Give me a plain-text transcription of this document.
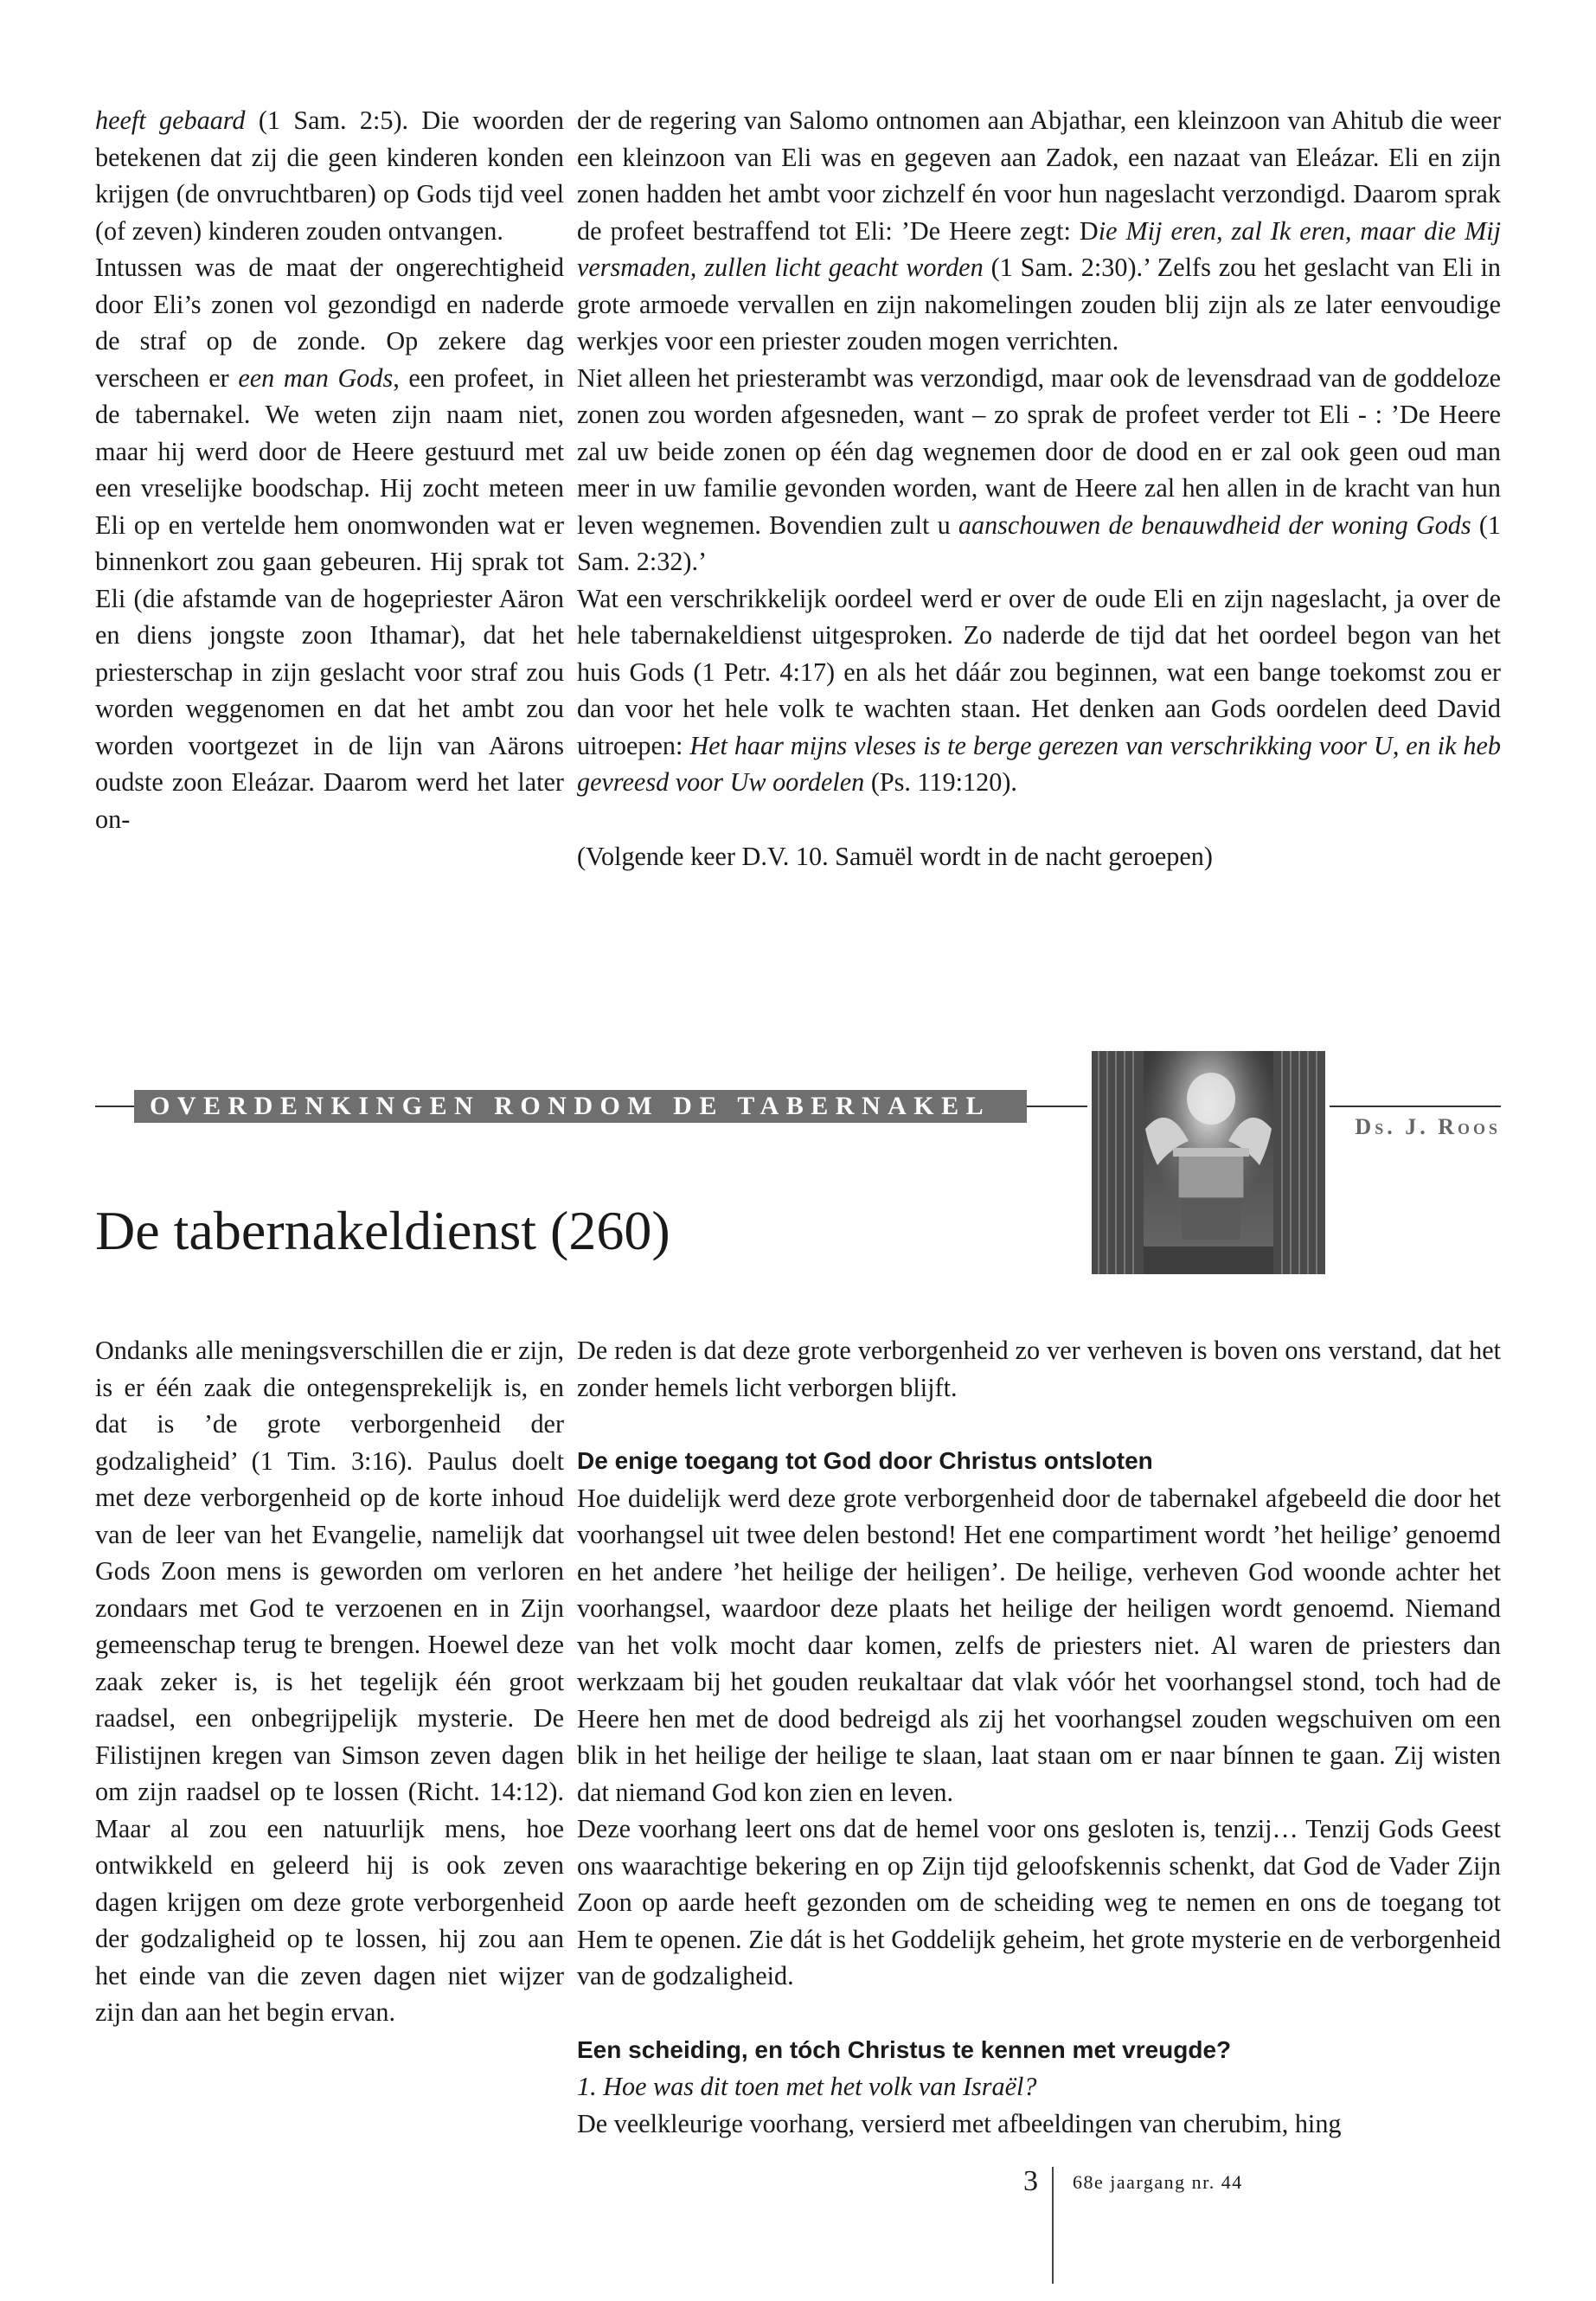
heeft gebaard (1 Sam. 2:5). Die woorden betekenen dat zij die geen kinderen konden krijgen (de onvruchtbaren) op Gods tijd veel (of zeven) kinderen zouden ontvangen.

Intussen was de maat der ongerechtigheid door Eli’s zonen vol gezondigd en naderde de straf op de zonde. Op zekere dag verscheen er een man Gods, een profeet, in de tabernakel. We weten zijn naam niet, maar hij werd door de Heere gestuurd met een vreselijke boodschap. Hij zocht meteen Eli op en vertelde hem onomwonden wat er binnenkort zou gaan gebeuren. Hij sprak tot Eli (die afstamde van de hogepriester Aäron en diens jongste zoon Ithamar), dat het priesterschap in zijn geslacht voor straf zou worden weggenomen en dat het ambt zou worden voortgezet in de lijn van Aärons oudste zoon Eleázar. Daarom werd het later on-

der de regering van Salomo ontnomen aan Abjathar, een kleinzoon van Ahitub die weer een kleinzoon van Eli was en gegeven aan Zadok, een nazaat van Eleázar. Eli en zijn zonen hadden het ambt voor zichzelf én voor hun nageslacht verzondigd. Daarom sprak de profeet bestraffend tot Eli: ’De Heere zegt: Die Mij eren, zal Ik eren, maar die Mij versmaden, zullen licht geacht worden (1 Sam. 2:30).’ Zelfs zou het geslacht van Eli in grote armoede vervallen en zijn nakomelingen zouden blij zijn als ze later eenvoudige werkjes voor een priester zouden mogen verrichten.

Niet alleen het priesterambt was verzondigd, maar ook de levensdraad van de goddeloze zonen zou worden afgesneden, want – zo sprak de profeet verder tot Eli - : ’De Heere zal uw beide zonen op één dag wegnemen door de dood en er zal ook geen oud man meer in uw familie gevonden worden, want de Heere zal hen allen in de kracht van hun leven wegnemen. Bovendien zult u aanschouwen de benauwdheid der woning Gods (1 Sam. 2:32).’

Wat een verschrikkelijk oordeel werd er over de oude Eli en zijn nageslacht, ja over de hele tabernakeldienst uitgesproken. Zo naderde de tijd dat het oordeel begon van het huis Gods (1 Petr. 4:17) en als het dáár zou beginnen, wat een bange toekomst zou er dan voor het hele volk te wachten staan. Het denken aan Gods oordelen deed David uitroepen: Het haar mijns vleses is te berge gerezen van verschrikking voor U, en ik heb gevreesd voor Uw oordelen (Ps. 119:120).

(Volgende keer D.V. 10. Samuël wordt in de nacht geroepen)

OVERDENKINGEN RONDOM DE TABERNAKEL
Ds. J. Roos
De tabernakeldienst (260)

Ondanks alle meningsverschillen die er zijn, is er één zaak die ontegensprekelijk is, en dat is ’de grote verborgenheid der godzaligheid’ (1 Tim. 3:16). Paulus doelt met deze verborgenheid op de korte inhoud van de leer van het Evangelie, namelijk dat Gods Zoon mens is geworden om verloren zondaars met God te verzoenen en in Zijn gemeenschap terug te brengen. Hoewel deze zaak zeker is, is het tegelijk één groot raadsel, een onbegrijpelijk mysterie. De Filistijnen kregen van Simson zeven dagen om zijn raadsel op te lossen (Richt. 14:12). Maar al zou een natuurlijk mens, hoe ontwikkeld en geleerd hij is ook zeven dagen krijgen om deze grote verborgenheid der godzaligheid op te lossen, hij zou aan het einde van die zeven dagen niet wijzer zijn dan aan het begin ervan.

De reden is dat deze grote verborgenheid zo ver verheven is boven ons verstand, dat het zonder hemels licht verborgen blijft.

De enige toegang tot God door Christus ontsloten

Hoe duidelijk werd deze grote verborgenheid door de tabernakel afgebeeld die door het voorhangsel uit twee delen bestond! Het ene compartiment wordt ’het heilige’ genoemd en het andere ’het heilige der heiligen’. De heilige, verheven God woonde achter het voorhangsel, waardoor deze plaats het heilige der heiligen wordt genoemd. Niemand van het volk mocht daar komen, zelfs de priesters niet. Al waren de priesters dan werkzaam bij het gouden reukaltaar dat vlak vóór het voorhangsel stond, toch had de Heere hen met de dood bedreigd als zij het voorhangsel zouden wegschuiven om een blik in het heilige der heilige te slaan, laat staan om er naar bínnen te gaan. Zij wisten dat niemand God kon zien en leven.

Deze voorhang leert ons dat de hemel voor ons gesloten is, tenzij… Tenzij Gods Geest ons waarachtige bekering en op Zijn tijd geloofskennis schenkt, dat God de Vader Zijn Zoon op aarde heeft gezonden om de scheiding weg te nemen en ons de toegang tot Hem te openen. Zie dát is het Goddelijk geheim, het grote mysterie en de verborgenheid van de godzaligheid.

Een scheiding, en tóch Christus te kennen met vreugde?

1. Hoe was dit toen met het volk van Israël?

De veelkleurige voorhang, versierd met afbeeldingen van cherubim, hing

3 68e jaargang nr. 44
